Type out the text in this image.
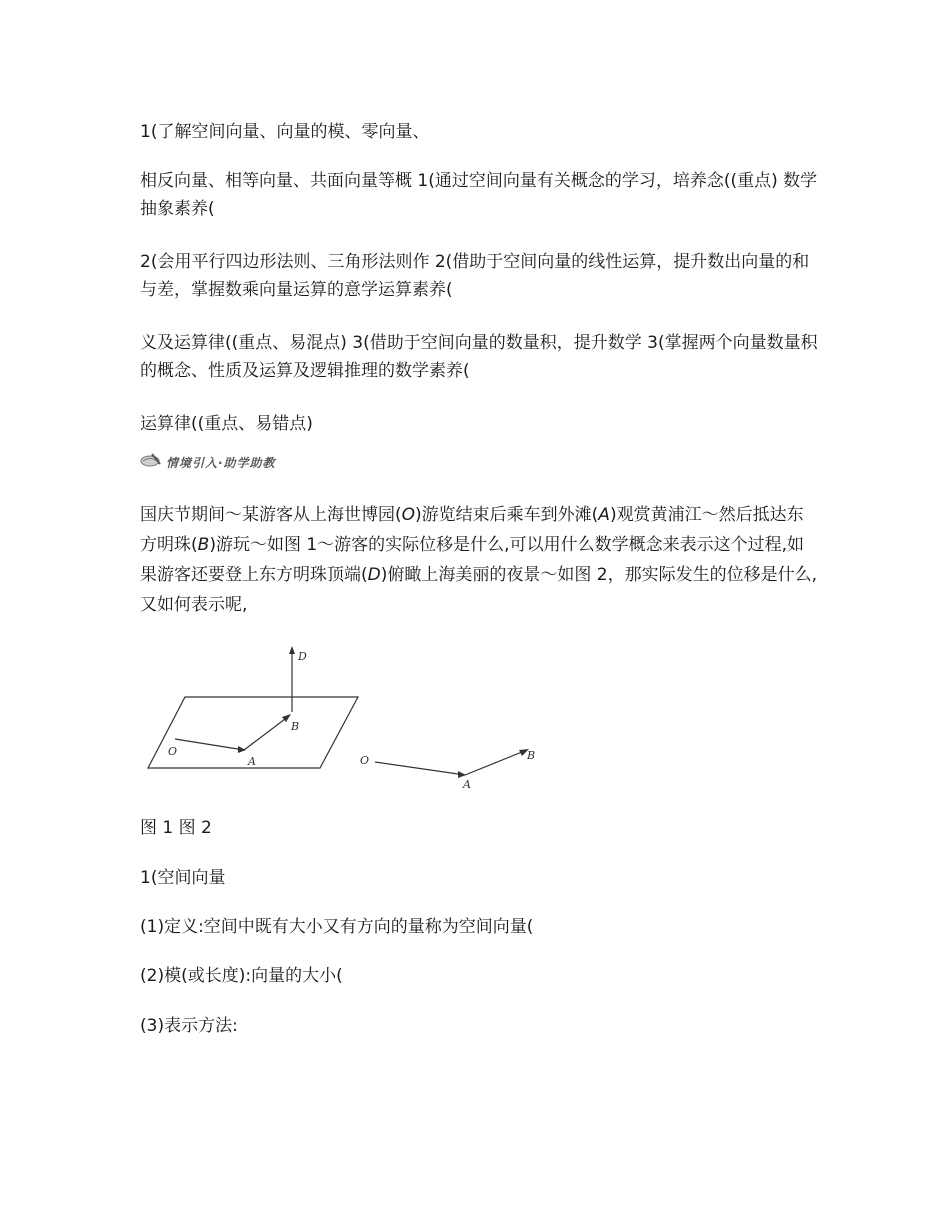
1(了解空间向量、向量的模、零向量、

相反向量、相等向量、共面向量等概 1(通过空间向量有关概念的学习，培养念((重点) 数学抽象素养(

2(会用平行四边形法则、三角形法则作 2(借助于空间向量的线性运算，提升数出向量的和与差，掌握数乘向量运算的意学运算素养(

义及运算律((重点、易混点) 3(借助于空间向量的数量积，提升数学 3(掌握两个向量数量积的概念、性质及运算及逻辑推理的数学素养(

运算律((重点、易错点)

情境引入·助学助教

国庆节期间～某游客从上海世博园(O)游览结束后乘车到外滩(A)观赏黄浦江～然后抵达东方明珠(B)游玩～如图 1～游客的实际位移是什么,可以用什么数学概念来表示这个过程,如果游客还要登上东方明珠顶端(D)俯瞰上海美丽的夜景～如图 2，那实际发生的位移是什么,又如何表示呢,

O
A
B
D
O
A
B

图 1 图 2

1(空间向量

(1)定义:空间中既有大小又有方向的量称为空间向量(

(2)模(或长度):向量的大小(

(3)表示方法:
